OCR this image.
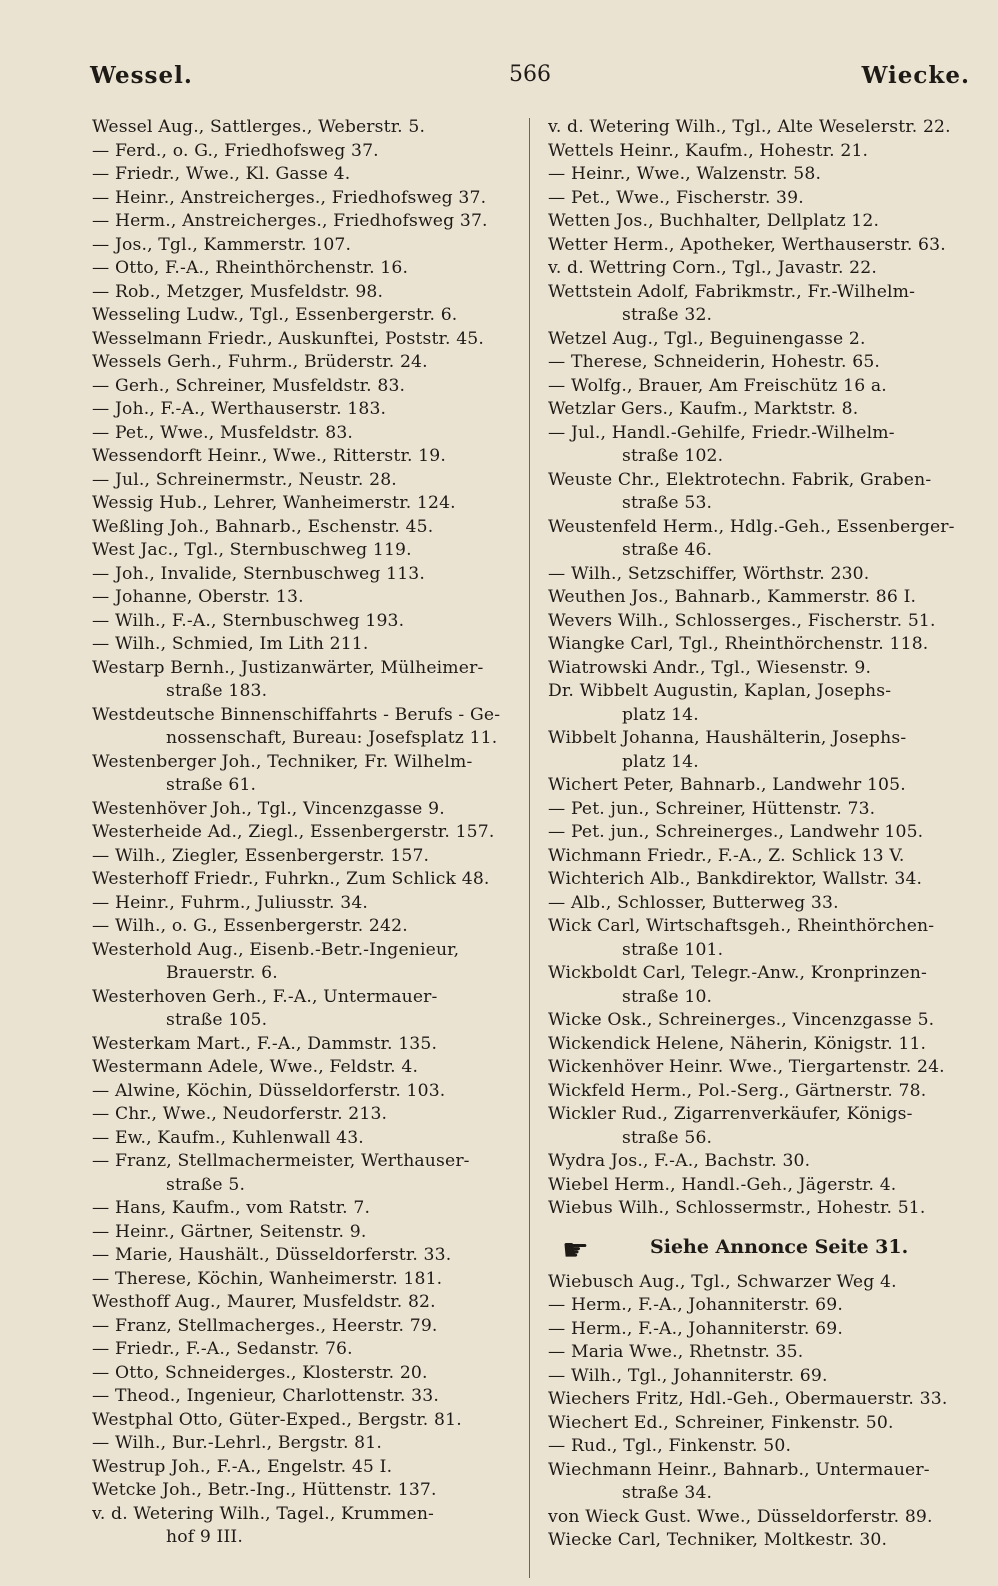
Wessel.	566	Wiecke.
Wessel Aug., Sattlerges., Weberstr. 5.
— Ferd., o. G., Friedhofsweg 37.
— Friedr., Wwe., Kl. Gasse 4.
— Heinr., Anstreicherges., Friedhofsweg 37.
— Herm., Anstreicherges., Friedhofsweg 37.
— Jos., Tgl., Kammerstr. 107.
— Otto, F.-A., Rheinthörchenstr. 16.
— Rob., Metzger, Musfeldstr. 98.
Wesseling Ludw., Tgl., Essenbergerstr. 6.
Wesselmann Friedr., Auskunftei, Poststr. 45.
Wessels Gerh., Fuhrm., Brüderstr. 24.
— Gerh., Schreiner, Musfeldstr. 83.
— Joh., F.-A., Werthauserstr. 183.
— Pet., Wwe., Musfeldstr. 83.
Wessendorft Heinr., Wwe., Ritterstr. 19.
— Jul., Schreinermstr., Neustr. 28.
Wessig Hub., Lehrer, Wanheimerstr. 124.
Weßling Joh., Bahnarb., Eschenstr. 45.
West Jac., Tgl., Sternbuschweg 119.
— Joh., Invalide, Sternbuschweg 113.
— Johanne, Oberstr. 13.
— Wilh., F.-A., Sternbuschweg 193.
— Wilh., Schmied, Im Lith 211.
Westarp Bernh., Justizanwärter, Mülheimer-
straße 183.
Westdeutsche Binnenschiffahrts - Berufs - Ge-
nossenschaft, Bureau: Josefsplatz 11.
Westenberger Joh., Techniker, Fr. Wilhelm-
straße 61.
Westenhöver Joh., Tgl., Vincenzgasse 9.
Westerheide Ad., Ziegl., Essenbergerstr. 157.
— Wilh., Ziegler, Essenbergerstr. 157.
Westerhoff Friedr., Fuhrkn., Zum Schlick 48.
— Heinr., Fuhrm., Juliusstr. 34.
— Wilh., o. G., Essenbergerstr. 242.
Westerhold Aug., Eisenb.-Betr.-Ingenieur,
Brauerstr. 6.
Westerhoven Gerh., F.-A., Untermauer-
straße 105.
Westerkam Mart., F.-A., Dammstr. 135.
Westermann Adele, Wwe., Feldstr. 4.
— Alwine, Köchin, Düsseldorferstr. 103.
— Chr., Wwe., Neudorferstr. 213.
— Ew., Kaufm., Kuhlenwall 43.
— Franz, Stellmachermeister, Werthauser-
straße 5.
— Hans, Kaufm., vom Ratstr. 7.
— Heinr., Gärtner, Seitenstr. 9.
— Marie, Haushält., Düsseldorferstr. 33.
— Therese, Köchin, Wanheimerstr. 181.
Westhoff Aug., Maurer, Musfeldstr. 82.
— Franz, Stellmacherges., Heerstr. 79.
— Friedr., F.-A., Sedanstr. 76.
— Otto, Schneiderges., Klosterstr. 20.
— Theod., Ingenieur, Charlottenstr. 33.
Westphal Otto, Güter-Exped., Bergstr. 81.
— Wilh., Bur.-Lehrl., Bergstr. 81.
Westrup Joh., F.-A., Engelstr. 45 I.
Wetcke Joh., Betr.-Ing., Hüttenstr. 137.
v. d. Wetering Wilh., Tagel., Krummen-
hof 9 III.
v. d. Wetering Wilh., Tgl., Alte Weselerstr. 22.
Wettels Heinr., Kaufm., Hohestr. 21.
— Heinr., Wwe., Walzenstr. 58.
— Pet., Wwe., Fischerstr. 39.
Wetten Jos., Buchhalter, Dellplatz 12.
Wetter Herm., Apotheker, Werthauserstr. 63.
v. d. Wettring Corn., Tgl., Javastr. 22.
Wettstein Adolf, Fabrikmstr., Fr.-Wilhelm-
straße 32.
Wetzel Aug., Tgl., Beguinengasse 2.
— Therese, Schneiderin, Hohestr. 65.
— Wolfg., Brauer, Am Freischütz 16 a.
Wetzlar Gers., Kaufm., Marktstr. 8.
— Jul., Handl.-Gehilfe, Friedr.-Wilhelm-
straße 102.
Weuste Chr., Elektrotechn. Fabrik, Graben-
straße 53.
Weustenfeld Herm., Hdlg.-Geh., Essenberger-
straße 46.
— Wilh., Setzschiffer, Wörthstr. 230.
Weuthen Jos., Bahnarb., Kammerstr. 86 I.
Wevers Wilh., Schlosserges., Fischerstr. 51.
Wiangke Carl, Tgl., Rheinthörchenstr. 118.
Wiatrowski Andr., Tgl., Wiesenstr. 9.
Dr. Wibbelt Augustin, Kaplan, Josephs-
platz 14.
Wibbelt Johanna, Haushälterin, Josephs-
platz 14.
Wichert Peter, Bahnarb., Landwehr 105.
— Pet. jun., Schreiner, Hüttenstr. 73.
— Pet. jun., Schreinerges., Landwehr 105.
Wichmann Friedr., F.-A., Z. Schlick 13 V.
Wichterich Alb., Bankdirektor, Wallstr. 34.
— Alb., Schlosser, Butterweg 33.
Wick Carl, Wirtschaftsgeh., Rheinthörchen-
straße 101.
Wickboldt Carl, Telegr.-Anw., Kronprinzen-
straße 10.
Wicke Osk., Schreinerges., Vincenzgasse 5.
Wickendick Helene, Näherin, Königstr. 11.
Wickenhöver Heinr. Wwe., Tiergartenstr. 24.
Wickfeld Herm., Pol.-Serg., Gärtnerstr. 78.
Wickler Rud., Zigarrenverkäufer, Königs-
straße 56.
Wydra Jos., F.-A., Bachstr. 30.
Wiebel Herm., Handl.-Geh., Jägerstr. 4.
Wiebus Wilh., Schlossermstr., Hohestr. 51.
☛	Siehe Annonce Seite 31.
Wiebusch Aug., Tgl., Schwarzer Weg 4.
— Herm., F.-A., Johanniterstr. 69.
— Herm., F.-A., Johanniterstr. 69.
— Maria Wwe., Rhetnstr. 35.
— Wilh., Tgl., Johanniterstr. 69.
Wiechers Fritz, Hdl.-Geh., Obermauerstr. 33.
Wiechert Ed., Schreiner, Finkenstr. 50.
— Rud., Tgl., Finkenstr. 50.
Wiechmann Heinr., Bahnarb., Untermauer-
straße 34.
von Wieck Gust. Wwe., Düsseldorferstr. 89.
Wiecke Carl, Techniker, Moltkestr. 30.
